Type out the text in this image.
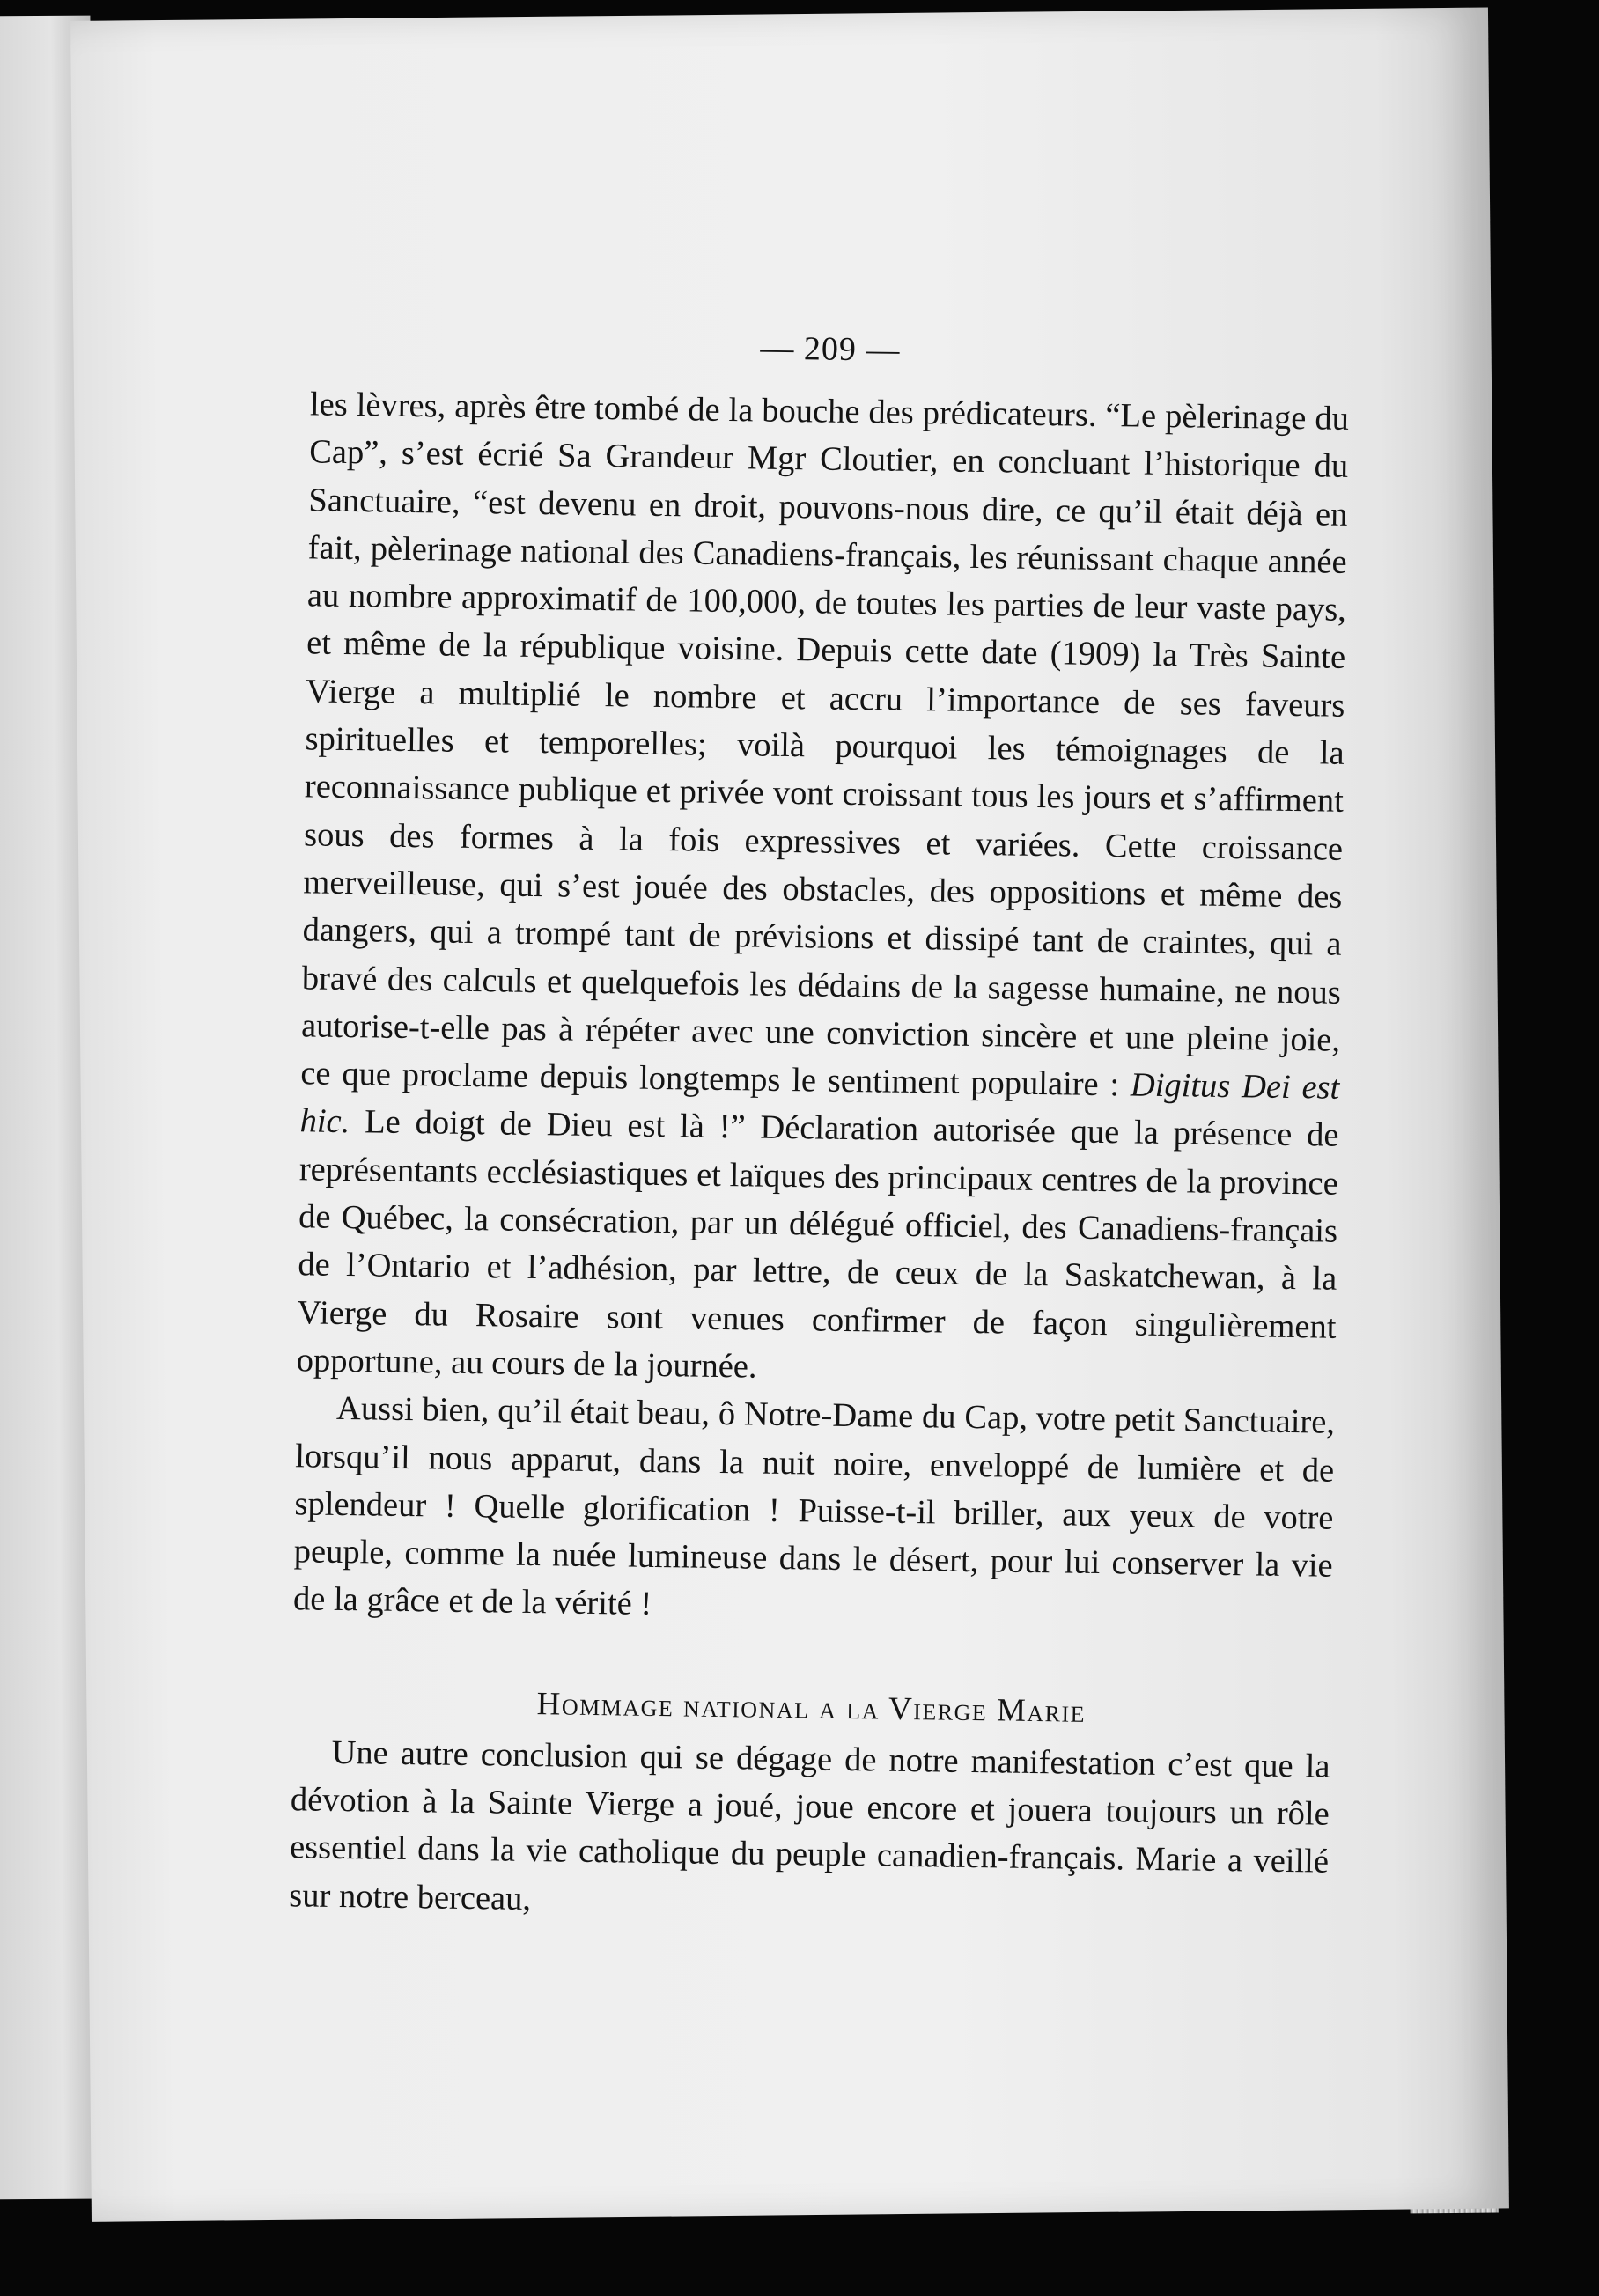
— 209 —

les lèvres, après être tombé de la bouche des prédicateurs. “Le pèlerinage du Cap”, s’est écrié Sa Grandeur Mgr Cloutier, en concluant l’historique du Sanctuaire, “est devenu en droit, pouvons-nous dire, ce qu’il était déjà en fait, pèlerinage national des Canadiens-français, les réunissant chaque année au nombre approximatif de 100,000, de toutes les parties de leur vaste pays, et même de la république voisine. Depuis cette date (1909) la Très Sainte Vierge a multiplié le nombre et accru l’importance de ses faveurs spirituelles et temporelles; voilà pourquoi les témoignages de la reconnaissance publique et privée vont croissant tous les jours et s’affirment sous des formes à la fois expressives et variées. Cette croissance merveilleuse, qui s’est jouée des obstacles, des oppositions et même des dangers, qui a trompé tant de prévisions et dissipé tant de craintes, qui a bravé des calculs et quelquefois les dédains de la sagesse humaine, ne nous autorise-t-elle pas à répéter avec une conviction sincère et une pleine joie, ce que proclame depuis longtemps le sentiment populaire : Digitus Dei est hic. Le doigt de Dieu est là !” Déclaration autorisée que la présence de représentants ecclésiastiques et laïques des principaux centres de la province de Québec, la consécration, par un délégué officiel, des Canadiens-français de l’Ontario et l’adhésion, par lettre, de ceux de la Saskatchewan, à la Vierge du Rosaire sont venues confirmer de façon singulièrement opportune, au cours de la journée.

Aussi bien, qu’il était beau, ô Notre-Dame du Cap, votre petit Sanctuaire, lorsqu’il nous apparut, dans la nuit noire, enveloppé de lumière et de splendeur ! Quelle glorification ! Puisse-t-il briller, aux yeux de votre peuple, comme la nuée lumineuse dans le désert, pour lui conserver la vie de la grâce et de la vérité !

Hommage national a la Vierge Marie

Une autre conclusion qui se dégage de notre manifestation c’est que la dévotion à la Sainte Vierge a joué, joue encore et jouera toujours un rôle essentiel dans la vie catholique du peuple canadien-français. Marie a veillé sur notre berceau,
